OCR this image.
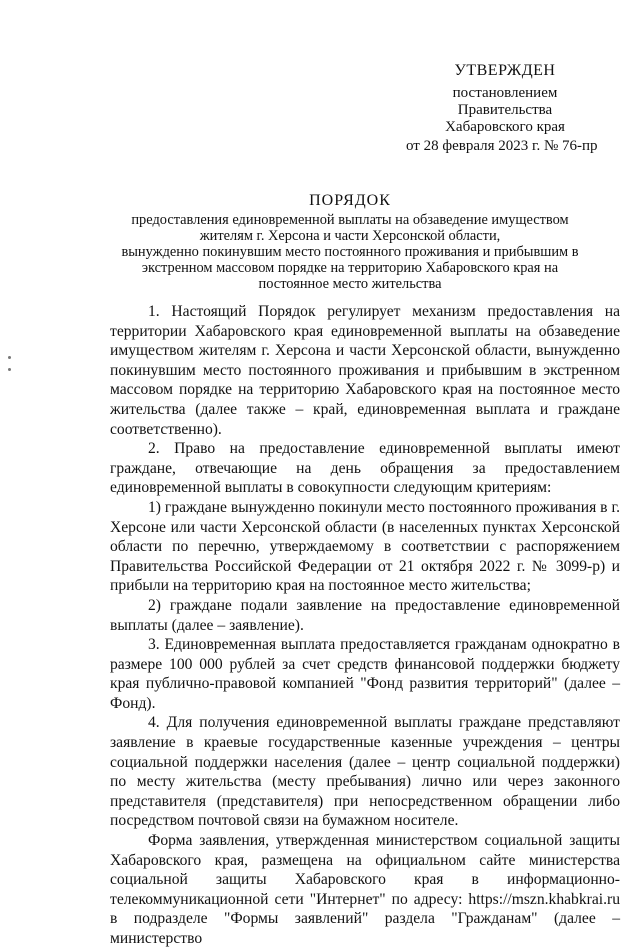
УТВЕРЖДЕН
постановлением
Правительства
Хабаровского края
от 28 февраля 2023 г. № 76-пр
ПОРЯДОК
предоставления единовременной выплаты на обзаведение имуществом
жителям г. Херсона и части Херсонской области,
вынужденно покинувшим место постоянного проживания и прибывшим в
экстренном массовом порядке на территорию Хабаровского края на
постоянное место жительства

1. Настоящий Порядок регулирует механизм предоставления на территории Хабаровского края единовременной выплаты на обзаведение имуществом жителям г. Херсона и части Херсонской области, вынужденно покинувшим место постоянного проживания и прибывшим в экстренном массовом порядке на территорию Хабаровского края на постоянное место жительства (далее также – край, единовременная выплата и граждане соответственно).

2. Право на предоставление единовременной выплаты имеют граждане, отвечающие на день обращения за предоставлением единовременной выплаты в совокупности следующим критериям:

1) граждане вынужденно покинули место постоянного проживания в г. Херсоне или части Херсонской области (в населенных пунктах Херсонской области по перечню, утверждаемому в соответствии с распоряжением Правительства Российской Федерации от 21 октября 2022 г. № 3099-р) и прибыли на территорию края на постоянное место жительства;

2) граждане подали заявление на предоставление единовременной выплаты (далее – заявление).

3. Единовременная выплата предоставляется гражданам однократно в размере 100 000 рублей за счет средств финансовой поддержки бюджету края публично-правовой компанией "Фонд развития территорий" (далее – Фонд).

4. Для получения единовременной выплаты граждане представляют заявление в краевые государственные казенные учреждения – центры социальной поддержки населения (далее – центр социальной поддержки) по месту жительства (месту пребывания) лично или через законного представителя (представителя) при непосредственном обращении либо посредством почтовой связи на бумажном носителе.

Форма заявления, утвержденная министерством социальной защиты Хабаровского края, размещена на официальном сайте министерства социальной защиты Хабаровского края в информационно-телекоммуникационной сети "Интернет" по адресу: https://mszn.khabkrai.ru в подразделе "Формы заявлений" раздела "Гражданам" (далее – министерство
